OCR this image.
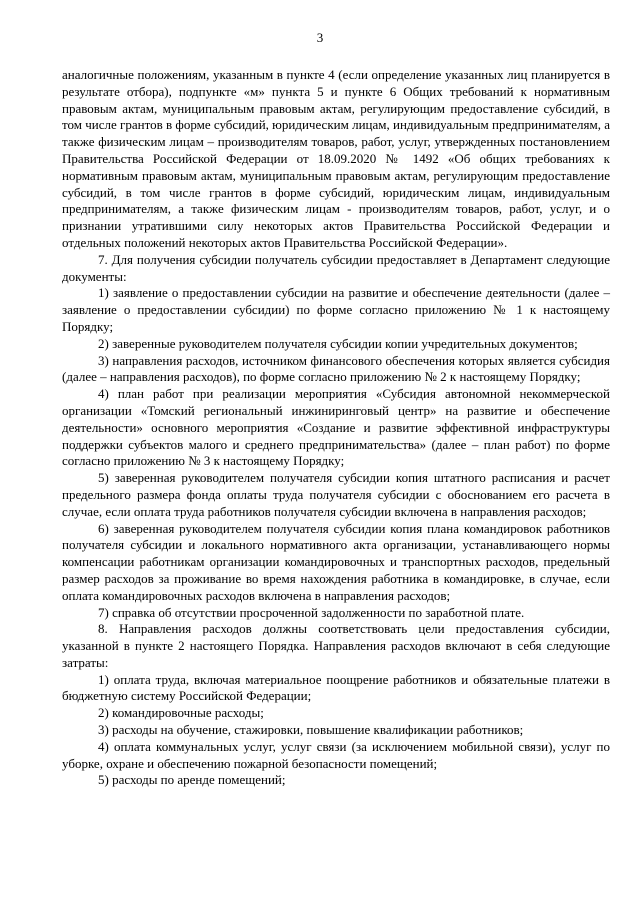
3

аналогичные положениям, указанным в пункте 4 (если определение указанных лиц планируется в результате отбора), подпункте «м» пункта 5 и пункте 6 Общих требований к нормативным правовым актам, муниципальным правовым актам, регулирующим предоставление субсидий, в том числе грантов в форме субсидий, юридическим лицам, индивидуальным предпринимателям, а также физическим лицам – производителям товаров, работ, услуг, утвержденных постановлением Правительства Российской Федерации от 18.09.2020 № 1492 «Об общих требованиях к нормативным правовым актам, муниципальным правовым актам, регулирующим предоставление субсидий, в том числе грантов в форме субсидий, юридическим лицам, индивидуальным предпринимателям, а также физическим лицам - производителям товаров, работ, услуг, и о признании утратившими силу некоторых актов Правительства Российской Федерации и отдельных положений некоторых актов Правительства Российской Федерации».

7. Для получения субсидии получатель субсидии предоставляет в Департамент следующие документы:

1) заявление о предоставлении субсидии на развитие и обеспечение деятельности (далее – заявление о предоставлении субсидии) по форме согласно приложению № 1 к настоящему Порядку;

2) заверенные руководителем получателя субсидии копии учредительных документов;

3) направления расходов, источником финансового обеспечения которых является субсидия (далее – направления расходов), по форме согласно приложению № 2 к настоящему Порядку;

4) план работ при реализации мероприятия «Субсидия автономной некоммерческой организации «Томский региональный инжиниринговый центр» на развитие и обеспечение деятельности» основного мероприятия «Создание и развитие эффективной инфраструктуры поддержки субъектов малого и среднего предпринимательства» (далее – план работ) по форме согласно приложению № 3 к настоящему Порядку;

5) заверенная руководителем получателя субсидии копия штатного расписания и расчет предельного размера фонда оплаты труда получателя субсидии с обоснованием его расчета в случае, если оплата труда работников получателя субсидии включена в направления расходов;

6) заверенная руководителем получателя субсидии копия плана командировок работников получателя субсидии и локального нормативного акта организации, устанавливающего нормы компенсации работникам организации командировочных и транспортных расходов, предельный размер расходов за проживание во время нахождения работника в командировке, в случае, если оплата командировочных расходов включена в направления расходов;

7) справка об отсутствии просроченной задолженности по заработной плате.

8. Направления расходов должны соответствовать цели предоставления субсидии, указанной в пункте 2 настоящего Порядка. Направления расходов включают в себя следующие затраты:

1) оплата труда, включая материальное поощрение работников и обязательные платежи в бюджетную систему Российской Федерации;

2) командировочные расходы;

3) расходы на обучение, стажировки, повышение квалификации работников;

4) оплата коммунальных услуг, услуг связи (за исключением мобильной связи), услуг по уборке, охране и обеспечению пожарной безопасности помещений;

5) расходы по аренде помещений;
